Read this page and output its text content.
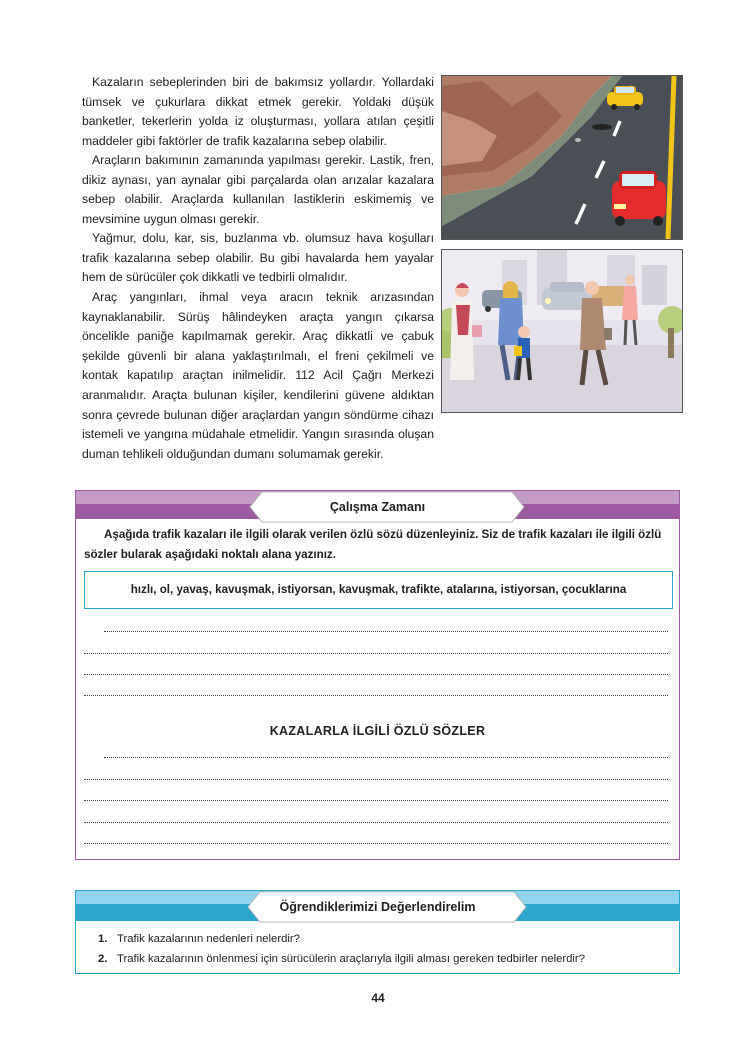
Kazaların sebeplerinden biri de bakımsız yollardır. Yollardaki tümsek ve çukurlara dikkat etmek gerekir. Yoldaki düşük banketler, tekerlerin yolda iz oluşturması, yollara atılan çeşitli maddeler gibi faktörler de trafik kazalarına sebep olabilir.

Araçların bakımının zamanında yapılması gerekir. Lastik, fren, dikiz aynası, yan aynalar gibi parçalarda olan arızalar kazalara sebep olabilir. Araçlarda kullanılan lastiklerin eskimemiş ve mevsimine uygun olması gerekir.

Yağmur, dolu, kar, sis, buzlanma vb. olumsuz hava koşulları trafik kazalarına sebep olabilir. Bu gibi havalarda hem yayalar hem de sürücüler çok dikkatli ve tedbirli olmalıdır.

Araç yangınları, ihmal veya aracın teknik arızasından kaynaklanabilir. Sürüş hâlindeyken araçta yangın çıkarsa öncelikle paniğe kapılmamak gerekir. Araç dikkatli ve çabuk şekilde güvenli bir alana yaklaştırılmalı, el freni çekilmeli ve kontak kapatılıp araçtan inilmelidir. 112 Acil Çağrı Merkezi aranmalıdır. Araçta bulunan kişiler, kendilerini güvene aldıktan sonra çevrede bulunan diğer araçlardan yangın söndürme cihazı istemeli ve yangına müdahale etmelidir. Yangın sırasında oluşan duman tehlikeli olduğundan dumanı solumamak gerekir.

Çalışma Zamanı

Aşağıda trafik kazaları ile ilgili olarak verilen özlü sözü düzenleyiniz. Siz de trafik kazaları ile ilgili özlü sözler bularak aşağıdaki noktalı alana yazınız.

hızlı, ol, yavaş, kavuşmak, istiyorsan, kavuşmak, trafikte, atalarına, istiyorsan, çocuklarına
KAZALARLA İLGİLİ ÖZLÜ SÖZLER
Öğrendiklerimizi Değerlendirelim
1. Trafik kazalarının nedenleri nelerdir?
2. Trafik kazalarının önlenmesi için sürücülerin araçlarıyla ilgili alması gereken tedbirler nelerdir?
44
